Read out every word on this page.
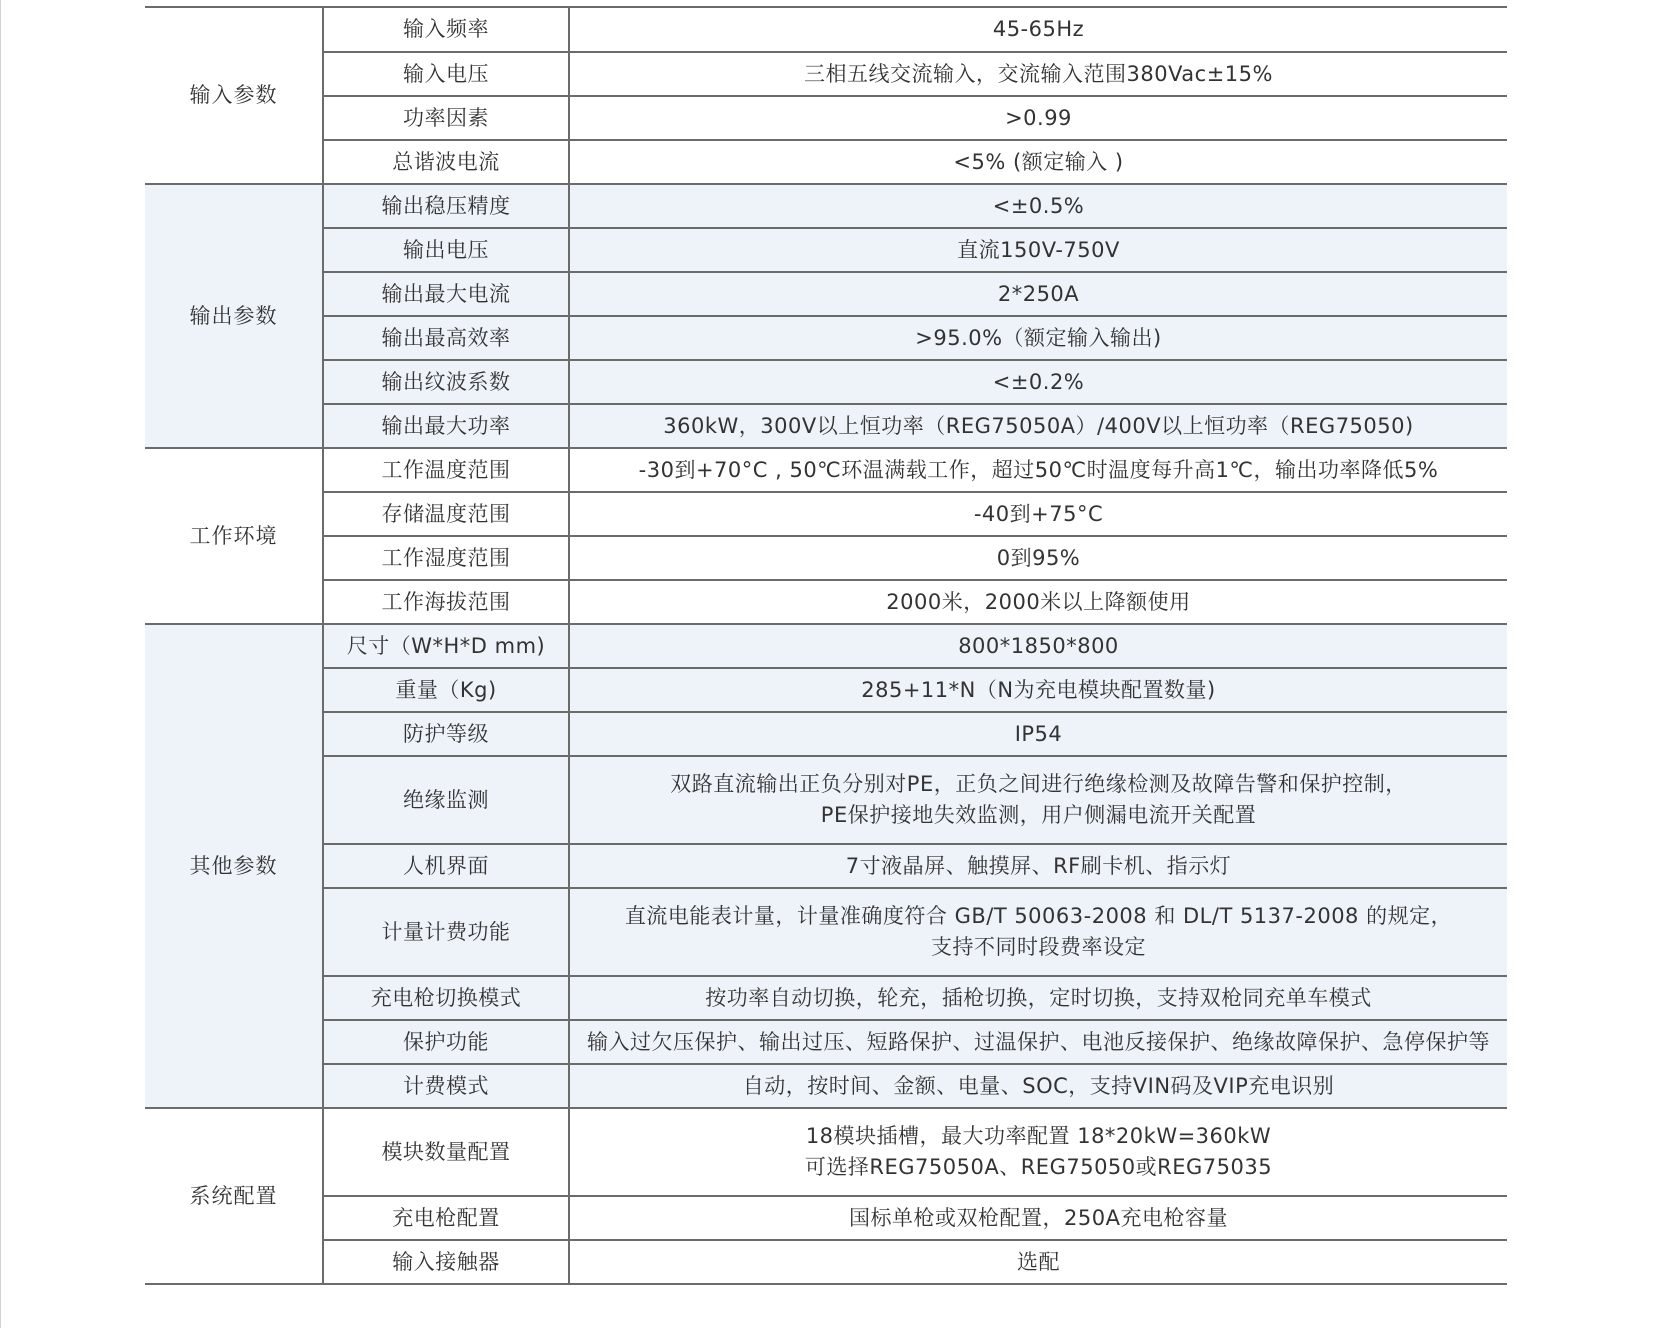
输入参数	输入频率	45-65Hz
	输入电压	三相五线交流输入，交流输入范围380Vac±15%
	功率因素	>0.99
	总谐波电流	<5% (额定输入 )
输出参数	输出稳压精度	<±0.5%
	输出电压	直流150V-750V
	输出最大电流	2*250A
	输出最高效率	>95.0%（额定输入输出)
	输出纹波系数	<±0.2%
	输出最大功率	360kW，300V以上恒功率（REG75050A）/400V以上恒功率（REG75050)
工作环境	工作温度范围	-30到+70°C , 50℃环温满载工作，超过50℃时温度每升高1℃，输出功率降低5%
	存储温度范围	-40到+75°C
	工作湿度范围	0到95%
	工作海拔范围	2000米，2000米以上降额使用
其他参数	尺寸（W*H*D mm)	800*1850*800
	重量（Kg)	285+11*N（N为充电模块配置数量)
	防护等级	IP54
	绝缘监测	双路直流输出正负分别对PE，正负之间进行绝缘检测及故障告警和保护控制，
PE保护接地失效监测，用户侧漏电流开关配置

	人机界面	7寸液晶屏、触摸屏、RF刷卡机、指示灯
	计量计费功能	直流电能表计量，计量准确度符合 GB/T 50063-2008 和 DL/T 5137-2008 的规定，
支持不同时段费率设定

	充电枪切换模式	按功率自动切换，轮充，插枪切换，定时切换，支持双枪同充单车模式
	保护功能	输入过欠压保护、输出过压、短路保护、过温保护、电池反接保护、绝缘故障保护、急停保护等
	计费模式	自动，按时间、金额、电量、SOC，支持VIN码及VIP充电识别
系统配置	模块数量配置	18模块插槽，最大功率配置 18*20kW=360kW
可选择REG75050A、REG75050或REG75035

	充电枪配置	国标单枪或双枪配置，250A充电枪容量
	输入接触器	选配
